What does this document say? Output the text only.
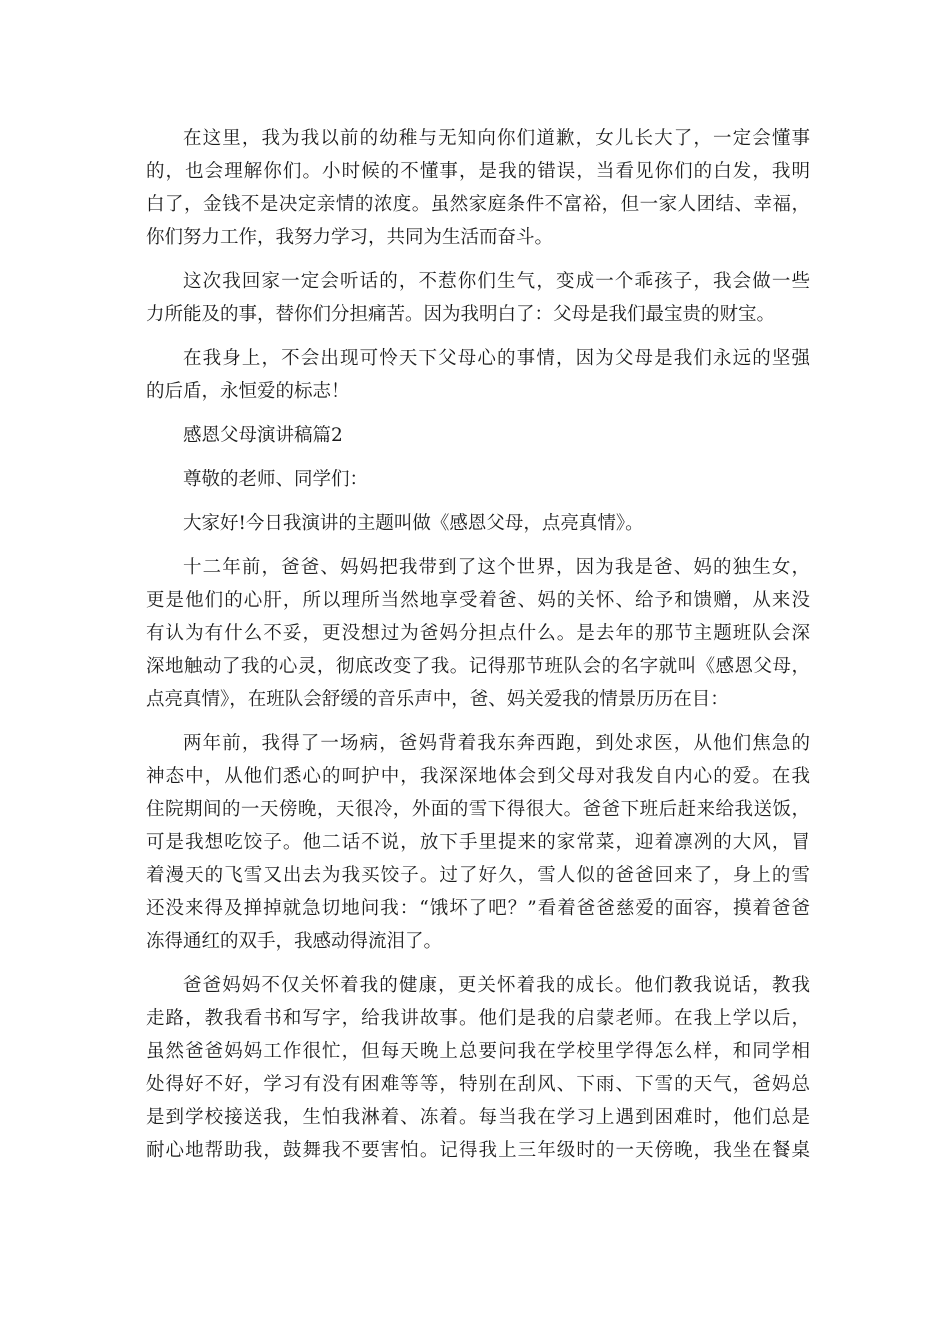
在这里，我为我以前的幼稚与无知向你们道歉，女儿长大了，一定会懂事
的，也会理解你们。小时候的不懂事，是我的错误，当看见你们的白发，我明
白了，金钱不是决定亲情的浓度。虽然家庭条件不富裕，但一家人团结、幸福，
你们努力工作，我努力学习，共同为生活而奋斗。
这次我回家一定会听话的，不惹你们生气，变成一个乖孩子，我会做一些
力所能及的事，替你们分担痛苦。因为我明白了：父母是我们最宝贵的财宝。
在我身上，不会出现可怜天下父母心的事情，因为父母是我们永远的坚强
的后盾，永恒爱的标志！
感恩父母演讲稿篇2
尊敬的老师、同学们：
大家好!今日我演讲的主题叫做《感恩父母，点亮真情》。
十二年前，爸爸、妈妈把我带到了这个世界，因为我是爸、妈的独生女，
更是他们的心肝，所以理所当然地享受着爸、妈的关怀、给予和馈赠，从来没
有认为有什么不妥，更没想过为爸妈分担点什么。是去年的那节主题班队会深
深地触动了我的心灵，彻底改变了我。记得那节班队会的名字就叫《感恩父母，
点亮真情》，在班队会舒缓的音乐声中，爸、妈关爱我的情景历历在目：
两年前，我得了一场病，爸妈背着我东奔西跑，到处求医，从他们焦急的
神态中，从他们悉心的呵护中，我深深地体会到父母对我发自内心的爱。在我
住院期间的一天傍晚，天很冷，外面的雪下得很大。爸爸下班后赶来给我送饭，
可是我想吃饺子。他二话不说，放下手里提来的家常菜，迎着凛冽的大风，冒
着漫天的飞雪又出去为我买饺子。过了好久，雪人似的爸爸回来了，身上的雪
还没来得及掸掉就急切地问我：“饿坏了吧？”看着爸爸慈爱的面容，摸着爸爸
冻得通红的双手，我感动得流泪了。
爸爸妈妈不仅关怀着我的健康，更关怀着我的成长。他们教我说话，教我
走路，教我看书和写字，给我讲故事。他们是我的启蒙老师。在我上学以后，
虽然爸爸妈妈工作很忙，但每天晚上总要问我在学校里学得怎么样，和同学相
处得好不好，学习有没有困难等等，特别在刮风、下雨、下雪的天气，爸妈总
是到学校接送我，生怕我淋着、冻着。每当我在学习上遇到困难时，他们总是
耐心地帮助我，鼓舞我不要害怕。记得我上三年级时的一天傍晚，我坐在餐桌
